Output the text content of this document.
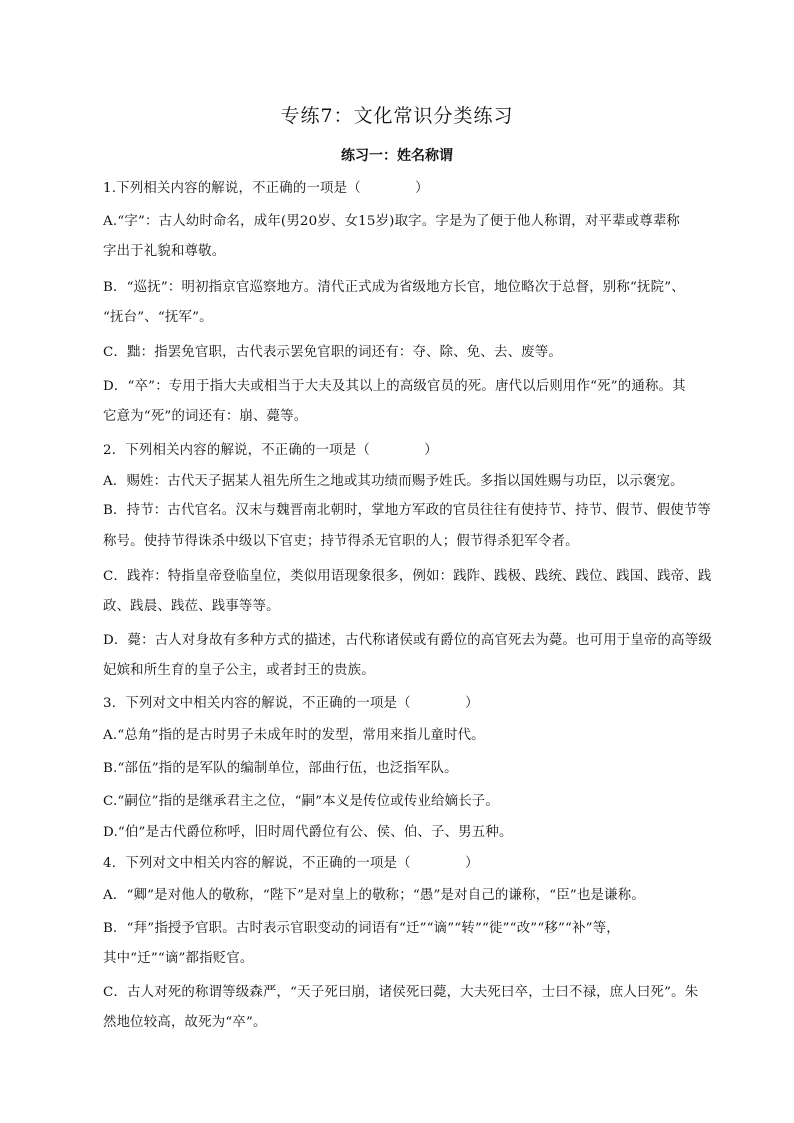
专练7：文化常识分类练习
练习一：姓名称谓
1.下列相关内容的解说，不正确的一项是（　　　　）
A.“字”：古人幼时命名，成年(男20岁、女15岁)取字。字是为了便于他人称谓，对平辈或尊辈称
字出于礼貌和尊敬。
B．“巡抚”：明初指京官巡察地方。清代正式成为省级地方长官，地位略次于总督，别称“抚院”、
“抚台”、“抚军”。
C．黜：指罢免官职，古代表示罢免官职的词还有：夺、除、免、去、废等。
D．“卒”：专用于指大夫或相当于大夫及其以上的高级官员的死。唐代以后则用作“死”的通称。其
它意为“死”的词还有：崩、薨等。
2．下列相关内容的解说，不正确的一项是（　　　　）
A．赐姓：古代天子据某人祖先所生之地或其功绩而赐予姓氏。多指以国姓赐与功臣，以示褒宠。
B．持节：古代官名。汉末与魏晋南北朝时，掌地方军政的官员往往有使持节、持节、假节、假使节等
称号。使持节得诛杀中级以下官吏；持节得杀无官职的人；假节得杀犯军令者。
C．践祚：特指皇帝登临皇位，类似用语现象很多，例如：践阼、践极、践统、践位、践国、践帝、践
政、践晨、践莅、践事等等。
D．薨：古人对身故有多种方式的描述，古代称诸侯或有爵位的高官死去为薨。也可用于皇帝的高等级
妃嫔和所生育的皇子公主，或者封王的贵族。
3．下列对文中相关内容的解说，不正确的一项是（　　　　）
A.“总角”指的是古时男子未成年时的发型，常用来指儿童时代。
B.“部伍”指的是军队的编制单位，部曲行伍，也泛指军队。
C.“嗣位”指的是继承君主之位，“嗣”本义是传位或传业给嫡长子。
D.“伯”是古代爵位称呼，旧时周代爵位有公、侯、伯、子、男五种。
4．下列对文中相关内容的解说，不正确的一项是（　　　　）
A．“卿”是对他人的敬称，“陛下”是对皇上的敬称；“愚”是对自己的谦称，“臣”也是谦称。
B．“拜”指授予官职。古时表示官职变动的词语有“迁”“谪”“转”“徙”“改”“移”“补”等，
其中“迁”“谪”都指贬官。
C．古人对死的称谓等级森严，“天子死曰崩，诸侯死曰薨，大夫死曰卒，士曰不禄，庶人曰死”。朱
然地位较高，故死为“卒”。
